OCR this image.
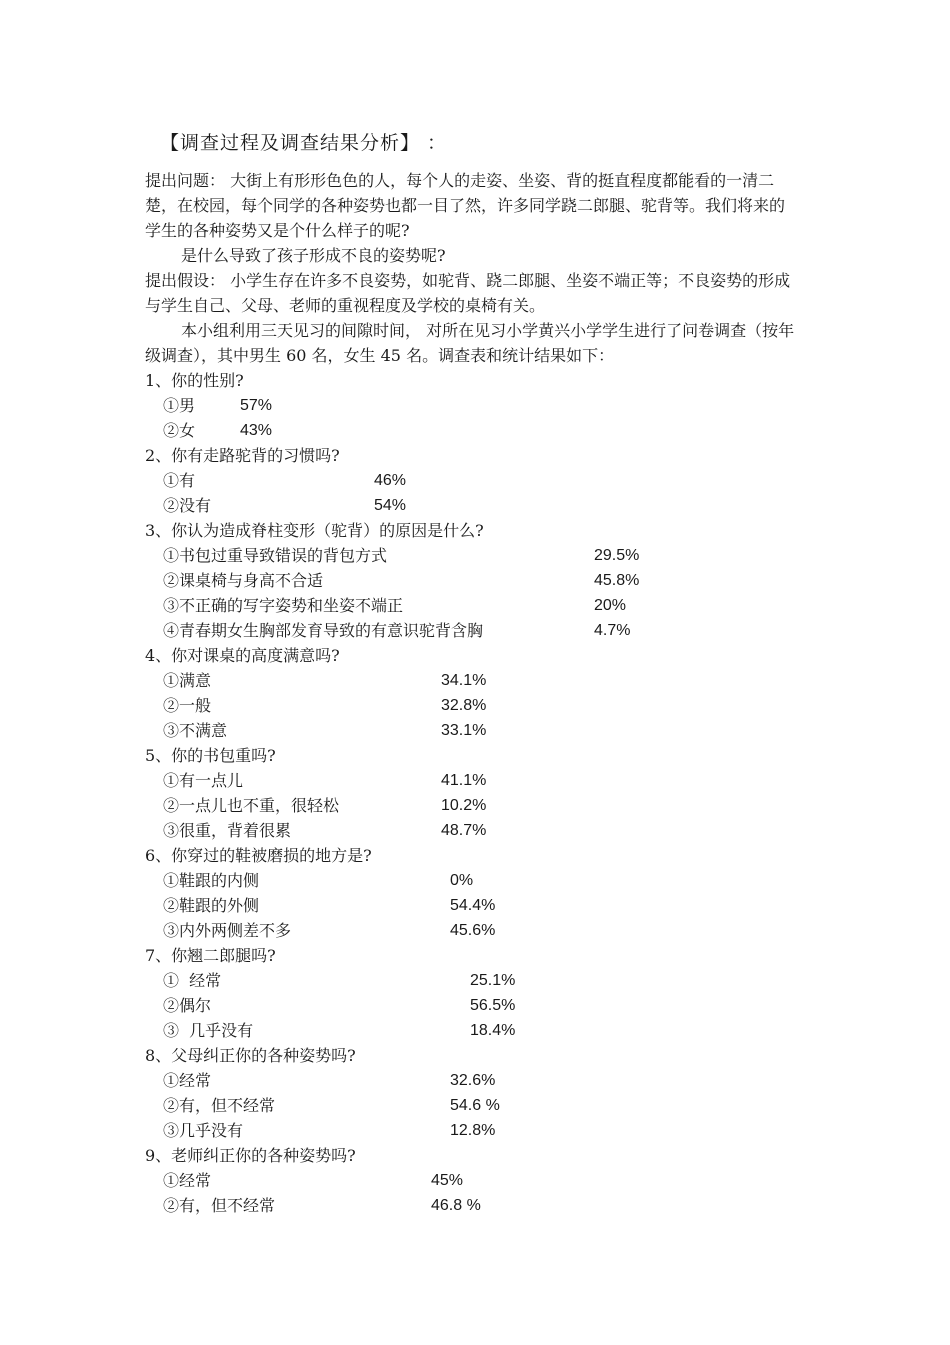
【调查过程及调查结果分析】 ：

提出问题： 大街上有形形色色的人，每个人的走姿、坐姿、背的挺直程度都能看的一清二楚，在校园，每个同学的各种姿势也都一目了然，许多同学跷二郎腿、驼背等。我们将来的学生的各种姿势又是个什么样子的呢?

是什么导致了孩子形成不良的姿势呢?

提出假设： 小学生存在许多不良姿势，如驼背、跷二郎腿、坐姿不端正等；不良姿势的形成与学生自己、父母、老师的重视程度及学校的桌椅有关。

本小组利用三天见习的间隙时间， 对所在见习小学黄兴小学学生进行了问卷调查（按年级调查），其中男生 60 名，女生 45 名。调查表和统计结果如下：

1、你的性别?
①男	57%
②女	43%
2、你有走路驼背的习惯吗?
①有	46%
②没有	54%
3、你认为造成脊柱变形（驼背）的原因是什么?
①书包过重导致错误的背包方式	29.5%
②课桌椅与身高不合适	45.8%
③不正确的写字姿势和坐姿不端正	20%
④青春期女生胸部发育导致的有意识驼背含胸	4.7%
4、你对课桌的高度满意吗?
①满意	34.1%
②一般	32.8%
③不满意	33.1%
5、你的书包重吗?
①有一点儿	41.1%
②一点儿也不重，很轻松	10.2%
③很重，背着很累	48.7%
6、你穿过的鞋被磨损的地方是?
①鞋跟的内侧	0%
②鞋跟的外侧	54.4%
③内外两侧差不多	45.6%
7、你翘二郎腿吗?
①  经常	25.1%
②偶尔	56.5%
③  几乎没有	18.4%
8、父母纠正你的各种姿势吗?
①经常	32.6%
②有，但不经常	54.6 %
③几乎没有	12.8%
9、老师纠正你的各种姿势吗?
①经常	45%
②有，但不经常	46.8 %
